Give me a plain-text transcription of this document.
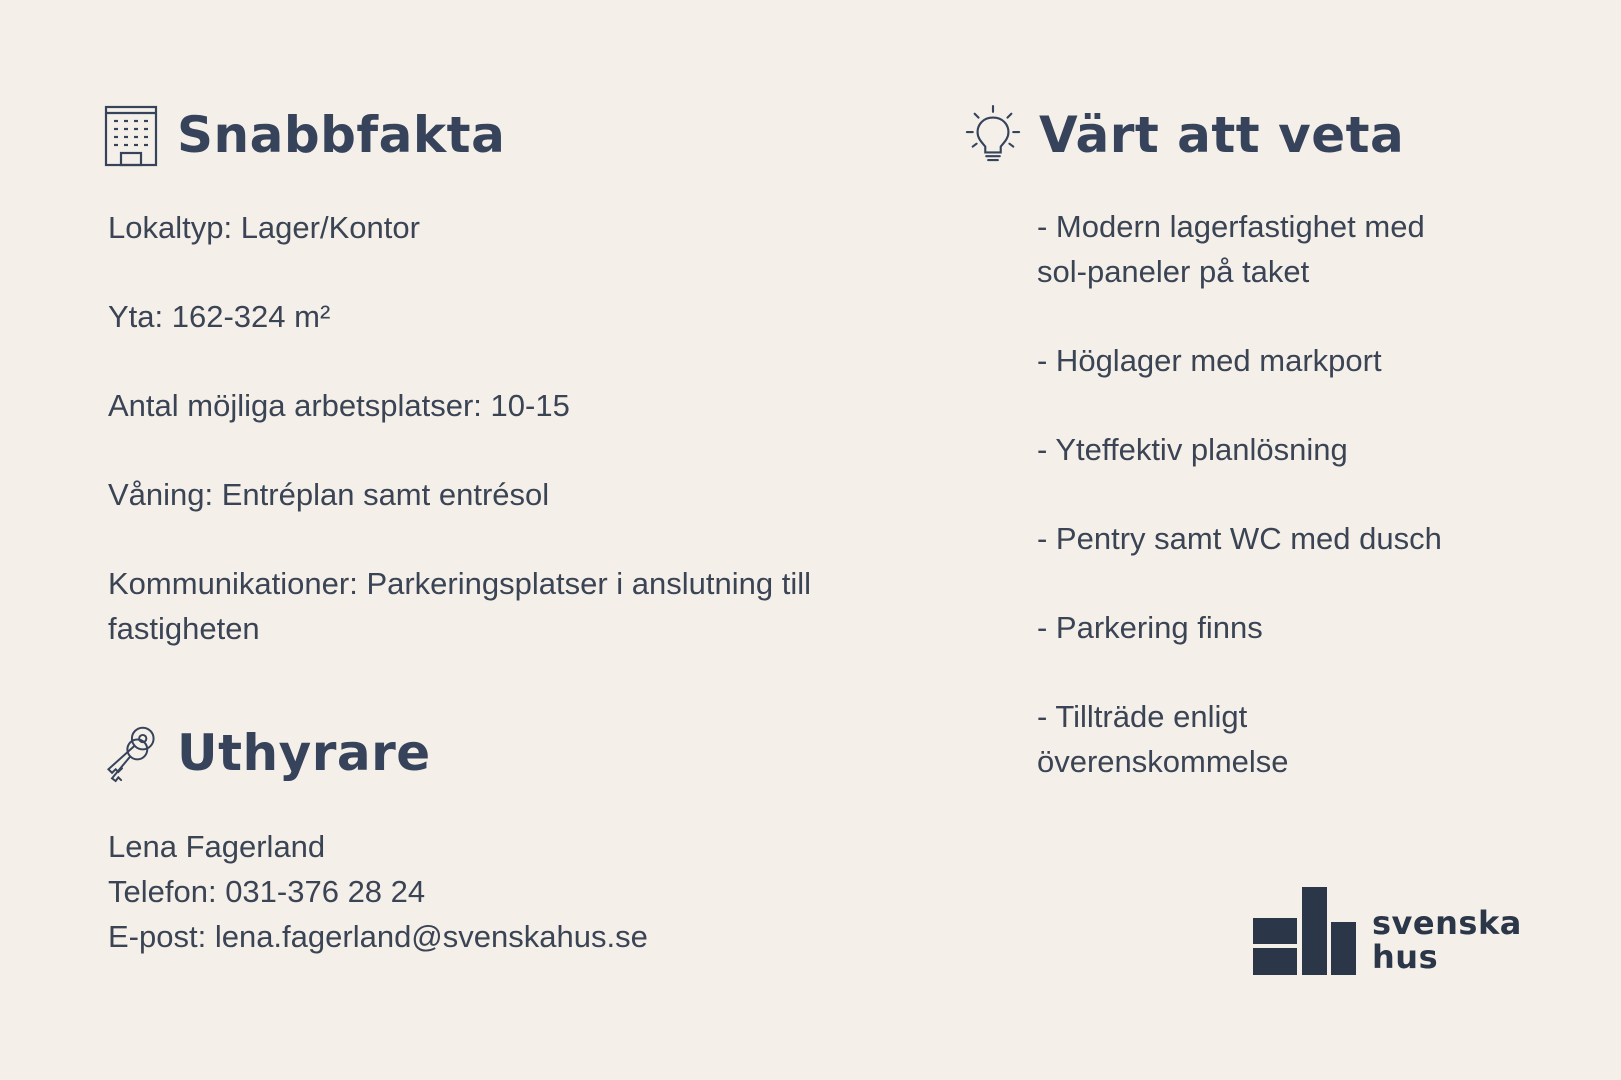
Snabbfakta

Lokaltyp: Lager/Kontor

Yta: 162-324 m²

Antal möjliga arbetsplatser: 10-15

Våning: Entréplan samt entrésol

Kommunikationer: Parkeringsplatser i anslutning till fastigheten

Uthyrare

Lena Fagerland

Telefon: 031-376 28 24

E-post: lena.fagerland@svenskahus.se

Värt att veta

- Modern lagerfastighet med sol-paneler på taket

- Höglager med markport

- Yteffektiv planlösning

- Pentry samt WC med dusch

- Parkering finns

- Tillträde enligt överenskommelse

svenska
hus
